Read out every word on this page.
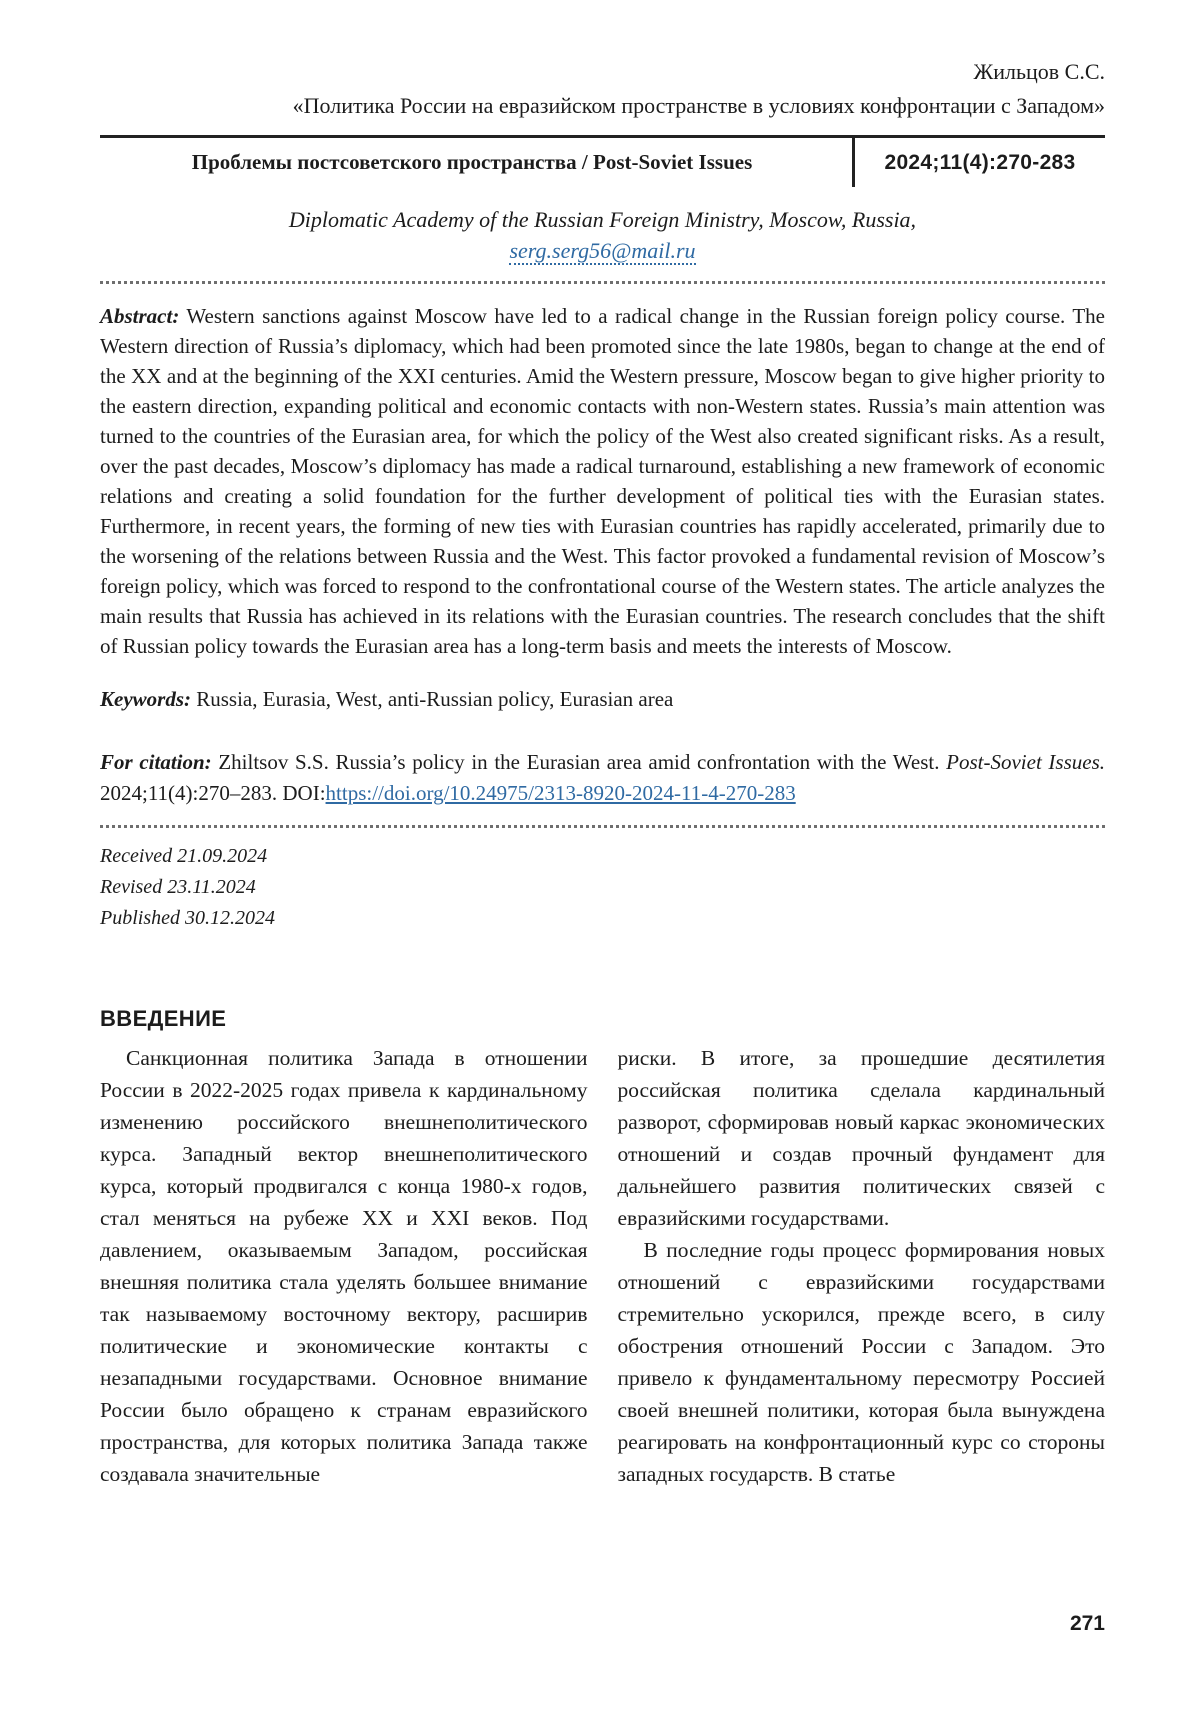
Жильцов С.С.
«Политика России на евразийском пространстве в условиях конфронтации с Западом»
Проблемы постсоветского пространства / Post-Soviet Issues	2024;11(4):270-283
Diplomatic Academy of the Russian Foreign Ministry, Moscow, Russia,
serg.serg56@mail.ru

Abstract: Western sanctions against Moscow have led to a radical change in the Russian foreign policy course. The Western direction of Russia’s diplomacy, which had been promoted since the late 1980s, began to change at the end of the XX and at the beginning of the XXI centuries. Amid the Western pressure, Moscow began to give higher priority to the eastern direction, expanding political and economic contacts with non-Western states. Russia’s main attention was turned to the countries of the Eurasian area, for which the policy of the West also created significant risks. As a result, over the past decades, Moscow’s diplomacy has made a radical turnaround, establishing a new framework of economic relations and creating a solid foundation for the further development of political ties with the Eurasian states. Furthermore, in recent years, the forming of new ties with Eurasian countries has rapidly accelerated, primarily due to the worsening of the relations between Russia and the West. This factor provoked a fundamental revision of Moscow’s foreign policy, which was forced to respond to the confrontational course of the Western states. The article analyzes the main results that Russia has achieved in its relations with the Eurasian countries. The research concludes that the shift of Russian policy towards the Eurasian area has a long-term basis and meets the interests of Moscow.

Keywords: Russia, Eurasia, West, anti-Russian policy, Eurasian area

For citation: Zhiltsov S.S. Russia’s policy in the Eurasian area amid confrontation with the West. Post-Soviet Issues. 2024;11(4):270–283. DOI:https://doi.org/10.24975/2313-8920-2024-11-4-270-283

Received 21.09.2024
Revised 23.11.2024
Published 30.12.2024
ВВЕДЕНИЕ

Санкционная политика Запада в отношении России в 2022-2025 годах привела к кардинальному изменению российского внешнеполитического курса. Западный вектор внешнеполитического курса, который продвигался с конца 1980-х годов, стал меняться на рубеже XX и XXI веков. Под давлением, оказываемым Западом, российская внешняя политика стала уделять большее внимание так называемому восточному вектору, расширив политические и экономические контакты с незападными государствами. Основное внимание России было обращено к странам евразийского пространства, для которых политика Запада также создавала значительные

риски. В итоге, за прошедшие десятилетия российская политика сделала кардинальный разворот, сформировав новый каркас экономических отношений и создав прочный фундамент для дальнейшего развития политических связей с евразийскими государствами.

В последние годы процесс формирования новых отношений с евразийскими государствами стремительно ускорился, прежде всего, в силу обострения отношений России с Западом. Это привело к фундаментальному пересмотру Россией своей внешней политики, которая была вынуждена реагировать на конфронтационный курс со стороны западных государств. В статье

271
